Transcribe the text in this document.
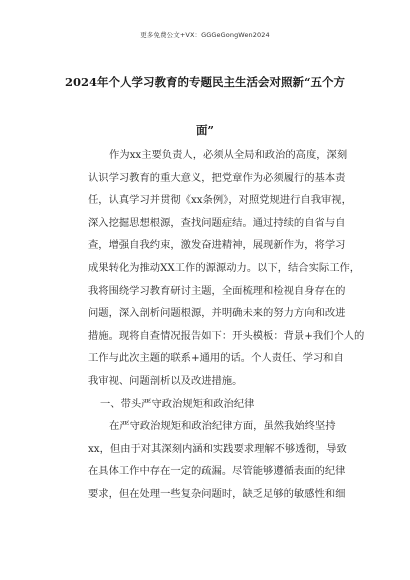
更多免费公文+VX：GGGeGongWen2024
2024年个人学习教育的专题民主生活会对照新“五个方
面”
作为xx主要负责人，必须从全局和政治的高度，深刻
认识学习教育的重大意义，把党章作为必须履行的基本责
任，认真学习并贯彻《xx条例》，对照党规进行自我审视，
深入挖掘思想根源，查找问题症结。通过持续的自省与自
查，增强自我约束，激发奋进精神，展现新作为，将学习
成果转化为推动XX工作的源源动力。以下，结合实际工作，
我将围绕学习教育研讨主题，全面梳理和检视自身存在的
问题，深入剖析问题根源，并明确未来的努力方向和改进
措施。现将自查情况报告如下：开头模板：背景+我们个人的
工作与此次主题的联系+通用的话。个人责任、学习和自
我审视、问题剖析以及改进措施。
一、带头严守政治规矩和政治纪律
在严守政治规矩和政治纪律方面，虽然我始终坚持
xx，但由于对其深刻内涵和实践要求理解不够透彻，导致
在具体工作中存在一定的疏漏。尽管能够遵循表面的纪律
要求，但在处理一些复杂问题时，缺乏足够的敏感性和细
